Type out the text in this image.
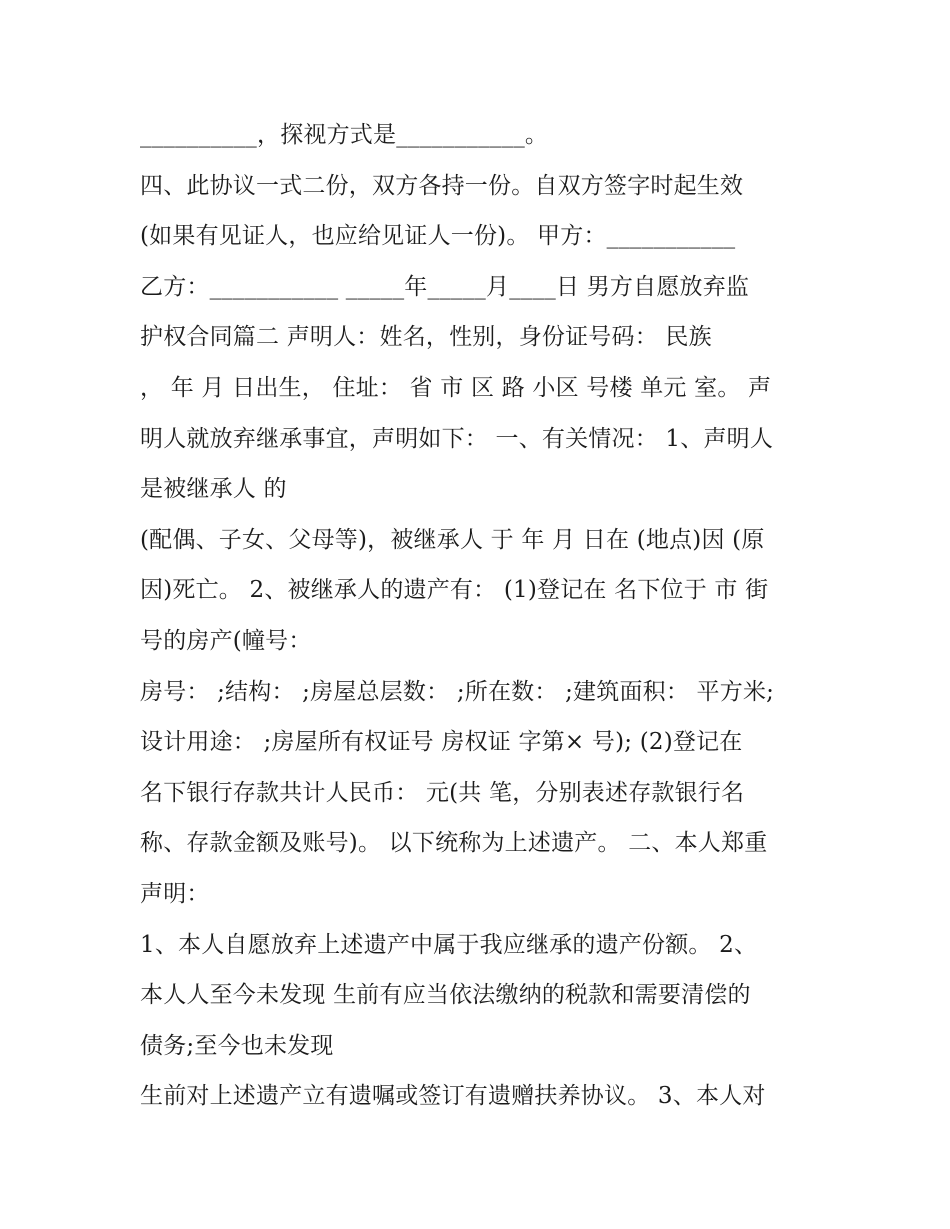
__________，探视方式是___________。
四、此协议一式二份，双方各持一份。自双方签字时起生效
(如果有见证人，也应给见证人一份)。 甲方：___________
乙方：___________ _____年_____月____日 男方自愿放弃监
护权合同篇二 声明人：姓名，性别，身份证号码： 民族
， 年 月 日出生， 住址： 省 市 区 路 小区 号楼 单元 室。 声
明人就放弃继承事宜，声明如下： 一、有关情况： 1、声明人
是被继承人 的
(配偶、子女、父母等)，被继承人 于 年 月 日在 (地点)因 (原
因)死亡。 2、被继承人的遗产有： (1)登记在 名下位于 市 街
号的房产(幢号：
房号： ;结构： ;房屋总层数： ;所在数： ;建筑面积： 平方米;
设计用途： ;房屋所有权证号 房权证 字第× 号); (2)登记在
名下银行存款共计人民币： 元(共 笔，分别表述存款银行名
称、存款金额及账号)。 以下统称为上述遗产。 二、本人郑重
声明：
1、本人自愿放弃上述遗产中属于我应继承的遗产份额。 2、
本人人至今未发现 生前有应当依法缴纳的税款和需要清偿的
债务;至今也未发现
生前对上述遗产立有遗嘱或签订有遗赠扶养协议。 3、本人对
